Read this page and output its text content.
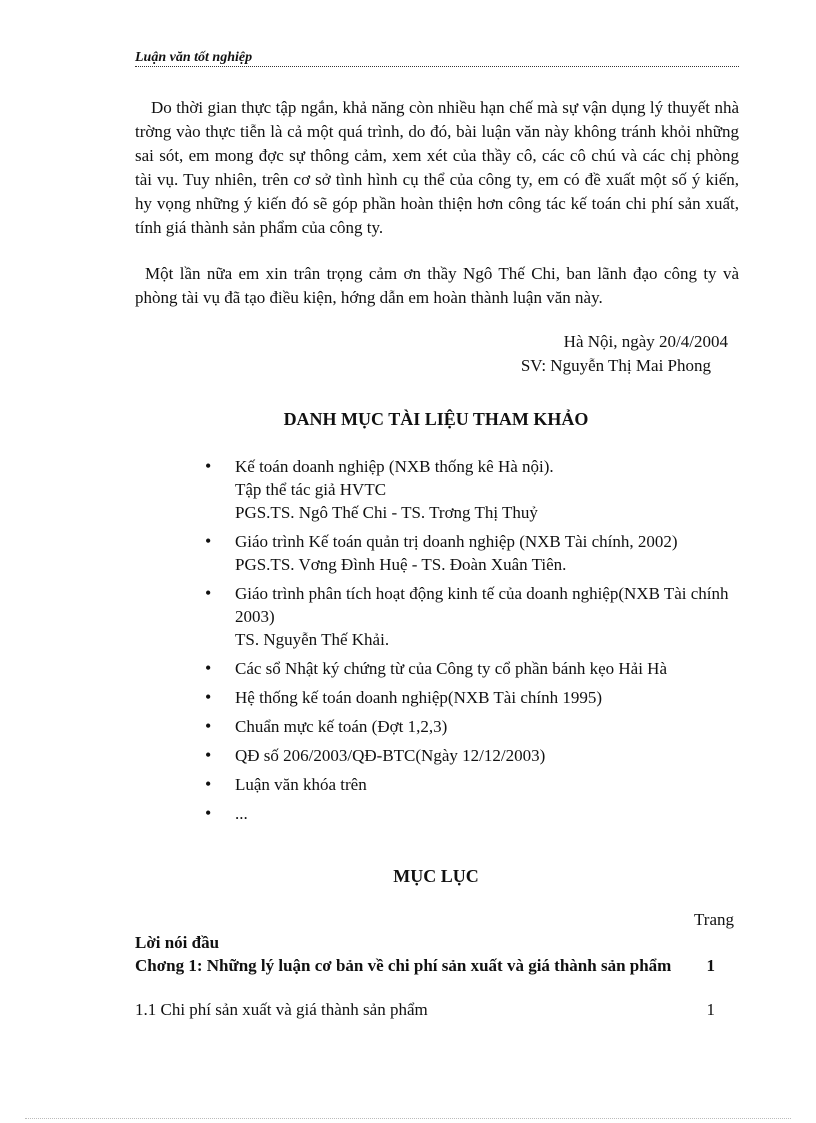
Luận văn tốt nghiệp

Do thời gian thực tập ngắn, khả năng còn nhiều hạn chế mà sự vận dụng lý thuyết nhà trờng vào thực tiễn là cả một quá trình, do đó, bài luận văn này không tránh khỏi những sai sót, em mong đợc sự thông cảm, xem xét của thầy cô, các cô chú và các chị phòng tài vụ. Tuy nhiên, trên cơ sở tình hình cụ thể của công ty, em có đề xuất một số ý kiến, hy vọng những ý kiến đó sẽ góp phần hoàn thiện hơn công tác kế toán chi phí sản xuất, tính giá thành sản phẩm của công ty.

Một lần nữa em xin trân trọng cảm ơn thầy Ngô Thế Chi, ban lãnh đạo công ty và phòng tài vụ đã tạo điều kiện, hớng dẫn em hoàn thành luận văn này.

Hà Nội, ngày 20/4/2004
SV: Nguyễn Thị Mai Phong
DANH MỤC TÀI LIỆU THAM KHẢO
• Kế toán doanh nghiệp (NXB thống kê Hà nội).
Tập thể tác giả HVTC
PGS.TS. Ngô Thế Chi - TS. Trơng Thị Thuỷ
• Giáo trình Kế toán quản trị doanh nghiệp (NXB Tài chính, 2002)
PGS.TS. Vơng Đình Huệ - TS. Đoàn Xuân Tiên.
• Giáo trình phân tích hoạt động kinh tế của doanh nghiệp(NXB Tài chính 2003)
TS. Nguyễn Thế Khải.
• Các sổ Nhật ký chứng từ của Công ty cổ phần bánh kẹo Hải Hà
• Hệ thống kế toán doanh nghiệp(NXB Tài chính 1995)
• Chuẩn mực kế toán (Đợt 1,2,3)
• QĐ số 206/2003/QĐ-BTC(Ngày 12/12/2003)
• Luận văn khóa trên
• ...
MỤC LỤC
Trang
Lời nói đầu
Chơng 1: Những lý luận cơ bản về chi phí sản xuất và giá thành sản phẩm 1
1.1 Chi phí sản xuất và giá thành sản phẩm	1
